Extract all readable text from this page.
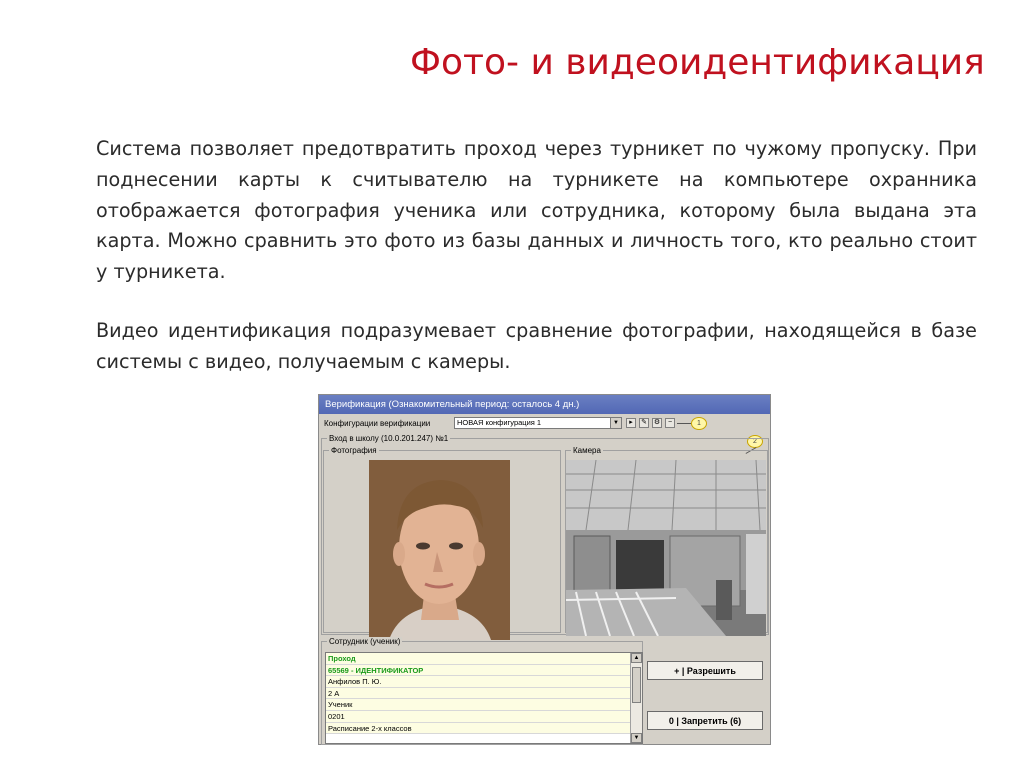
Фото- и видеоидентификация
Система позволяет предотвратить проход через турникет по чужому пропуску. При поднесении карты к считывателю на турникете на компьютере охранника отображается фотография ученика или сотрудника, которому была выдана эта карта. Можно сравнить это фото из базы данных и личность того, кто реально стоит у турникета.
Видео идентификация подразумевает сравнение фотографии, находящейся в базе системы с видео, получаемым с камеры.
Верификация (Ознакомительный период: осталось 4 дн.)
Конфигурации верификации	НОВАЯ конфигурация 1	▼	▸	✎ ⚙	−	1
2
Вход в школу (10.0.201.247) №1
Фотография	Камера
Сотрудник (ученик)
Проход
65569 - ИДЕНТИФИКАТОР
Анфилов П. Ю.
2 А
Ученик
0201
Расписание 2-х классов
▲
▼
+ | Разрешить
0 | Запретить (6)
